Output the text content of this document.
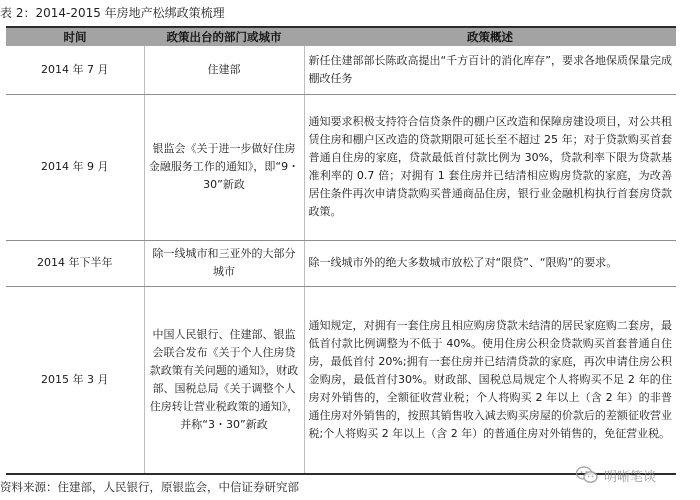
表 2：2014-2015 年房地产松绑政策梳理
时间	政策出台的部门或城市	政策概述
2014 年 7 月	住建部	新任住建部部长陈政高提出“千方百计的消化库存”，要求各地保质保量完成棚改任务
2014 年 9 月	银监会《关于进一步做好住房金融服务工作的通知》，即“9・30”新政	通知要求积极支持符合信贷条件的棚户区改造和保障房建设项目，对公共租赁住房和棚户区改造的贷款期限可延长至不超过 25 年；对于贷款购买首套普通自住房的家庭，贷款最低首付款比例为 30%，贷款利率下限为贷款基准利率的 0.7 倍；对拥有 1 套住房并已结清相应购房贷款的家庭，为改善居住条件再次申请贷款购买普通商品住房，银行业金融机构执行首套房贷款政策。
2014 年下半年	除一线城市和三亚外的大部分城市	除一线城市外的绝大多数城市放松了对“限贷”、“限购”的要求。
2015 年 3 月	中国人民银行、住建部、银监会联合发布《关于个人住房贷款政策有关问题的通知》，财政部、国税总局《关于调整个人住房转让营业税政策的通知》，并称“3・30”新政	通知规定，对拥有一套住房且相应购房贷款未结清的居民家庭购二套房，最低首付款比例调整为不低于 40%。使用住房公积金贷款购买首套普通自住房，最低首付 20%;拥有一套住房并已结清贷款的家庭，再次申请住房公积金购房，最低首付30%。财政部、国税总局规定个人将购买不足 2 年的住房对外销售的，全额征收营业税；个人将购买 2 年以上（含 2 年）的非普通住房对外销售的，按照其销售收入减去购买房屋的价款后的差额征收营业税;个人将购买 2 年以上（含 2 年）的普通住房对外销售的，免征营业税。
资料来源：住建部，人民银行，原银监会，中信证券研究部
明晰笔谈
